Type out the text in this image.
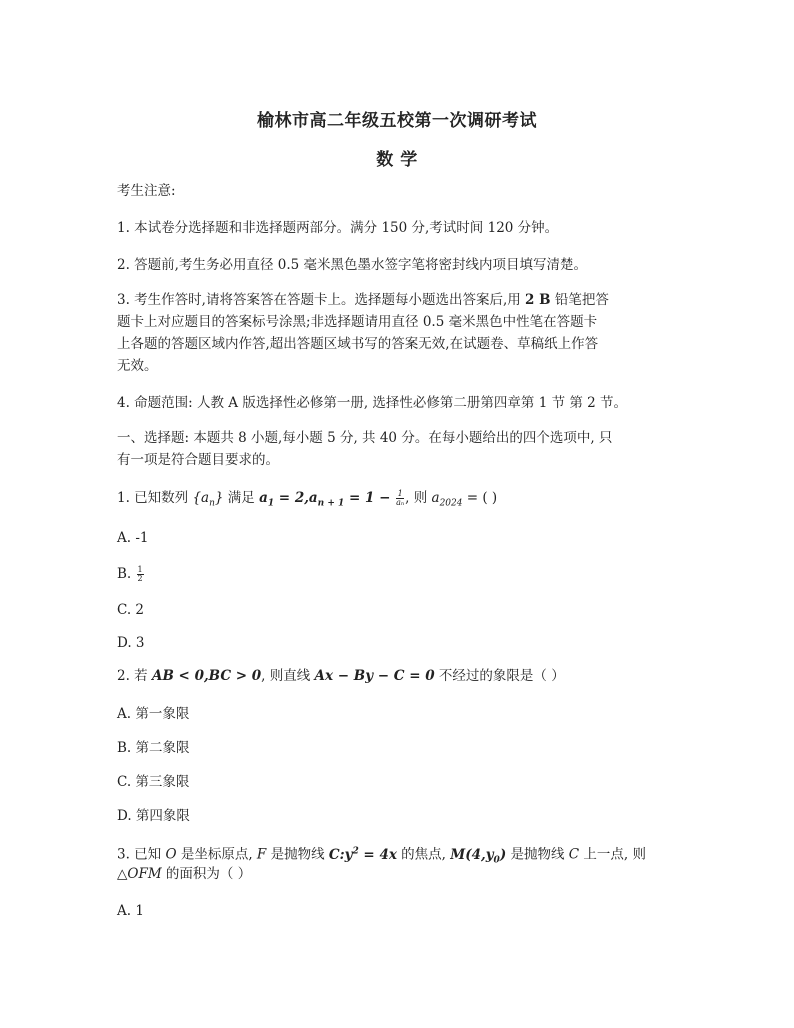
榆林市高二年级五校第一次调研考试
数 学
考生注意:
1. 本试卷分选择题和非选择题两部分。满分 150 分,考试时间 120 分钟。
2. 答题前,考生务必用直径 0.5 毫米黑色墨水签字笔将密封线内项目填写清楚。
3. 考生作答时,请将答案答在答题卡上。选择题每小题选出答案后,用 2 B 铅笔把答
题卡上对应题目的答案标号涂黑;非选择题请用直径 0.5 毫米黑色中性笔在答题卡
上各题的答题区域内作答,超出答题区域书写的答案无效,在试题卷、草稿纸上作答
无效。
4. 命题范围: 人教 A 版选择性必修第一册, 选择性必修第二册第四章第 1 节 第 2 节。
一、选择题: 本题共 8 小题,每小题 5 分, 共 40 分。在每小题给出的四个选项中, 只
有一项是符合题目要求的。
1. 已知数列 $\{a_n\}$ 满足 $a_1 = 2,a_{n + 1} = 1 - \frac{1}{\text{aₙ}}$ , 则 $a_{2024}$ = ( )
A. -1
B. $\frac{1}{2}$
C. 2
D. 3
2. 若 AB < 0,BC > 0, 则直线 Ax − By − C = 0 不经过的象限是（ ）
A. 第一象限
B. 第二象限
C. 第三象限
D. 第四象限
3. 已知 O 是坐标原点, F 是抛物线 $C:y^2 = 4x$ 的焦点, $M(4,y_0)$ 是抛物线 C 上一点, 则
△OFM 的面积为（ ）
A. 1
